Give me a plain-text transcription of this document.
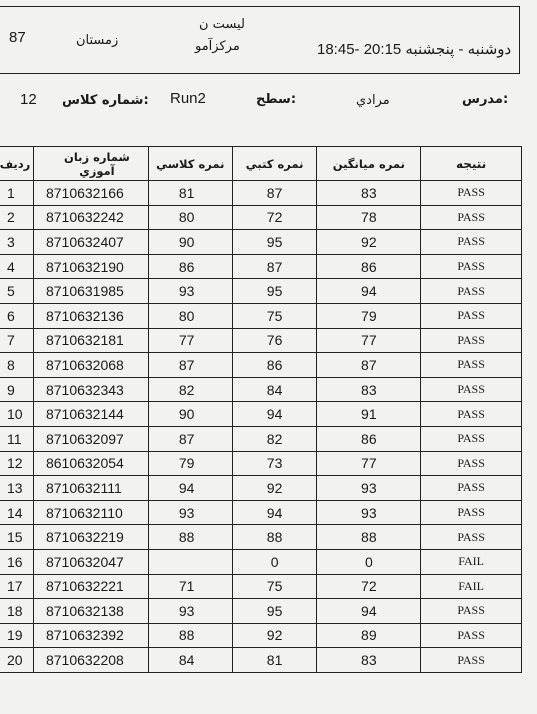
87	زمستان
ليست ن
مركزآمو	دوشنبه - پنجشنبه 20:15 -18:45
12 شماره كلاس: Run2	سطح:	مرادي	مدرس:
رديف	شماره زبان آموزي	نمره كلاسي	نمره كتبي	نمره ميانگين	نتيجه
1	8710632166	81	87	83	PASS
2	8710632242	80	72	78	PASS
3	8710632407	90	95	92	PASS
4	8710632190	86	87	86	PASS
5	8710631985	93	95	94	PASS
6	8710632136	80	75	79	PASS
7	8710632181	77	76	77	PASS
8	8710632068	87	86	87	PASS
9	8710632343	82	84	83	PASS
10	8710632144	90	94	91	PASS
11	8710632097	87	82	86	PASS
12	8610632054	79	73	77	PASS
13	8710632111	94	92	93	PASS
14	8710632110	93	94	93	PASS
15	8710632219	88	88	88	PASS
16	8710632047		0	0	FAIL
17	8710632221	71	75	72	FAIL
18	8710632138	93	95	94	PASS
19	8710632392	88	92	89	PASS
20	8710632208	84	81	83	PASS
